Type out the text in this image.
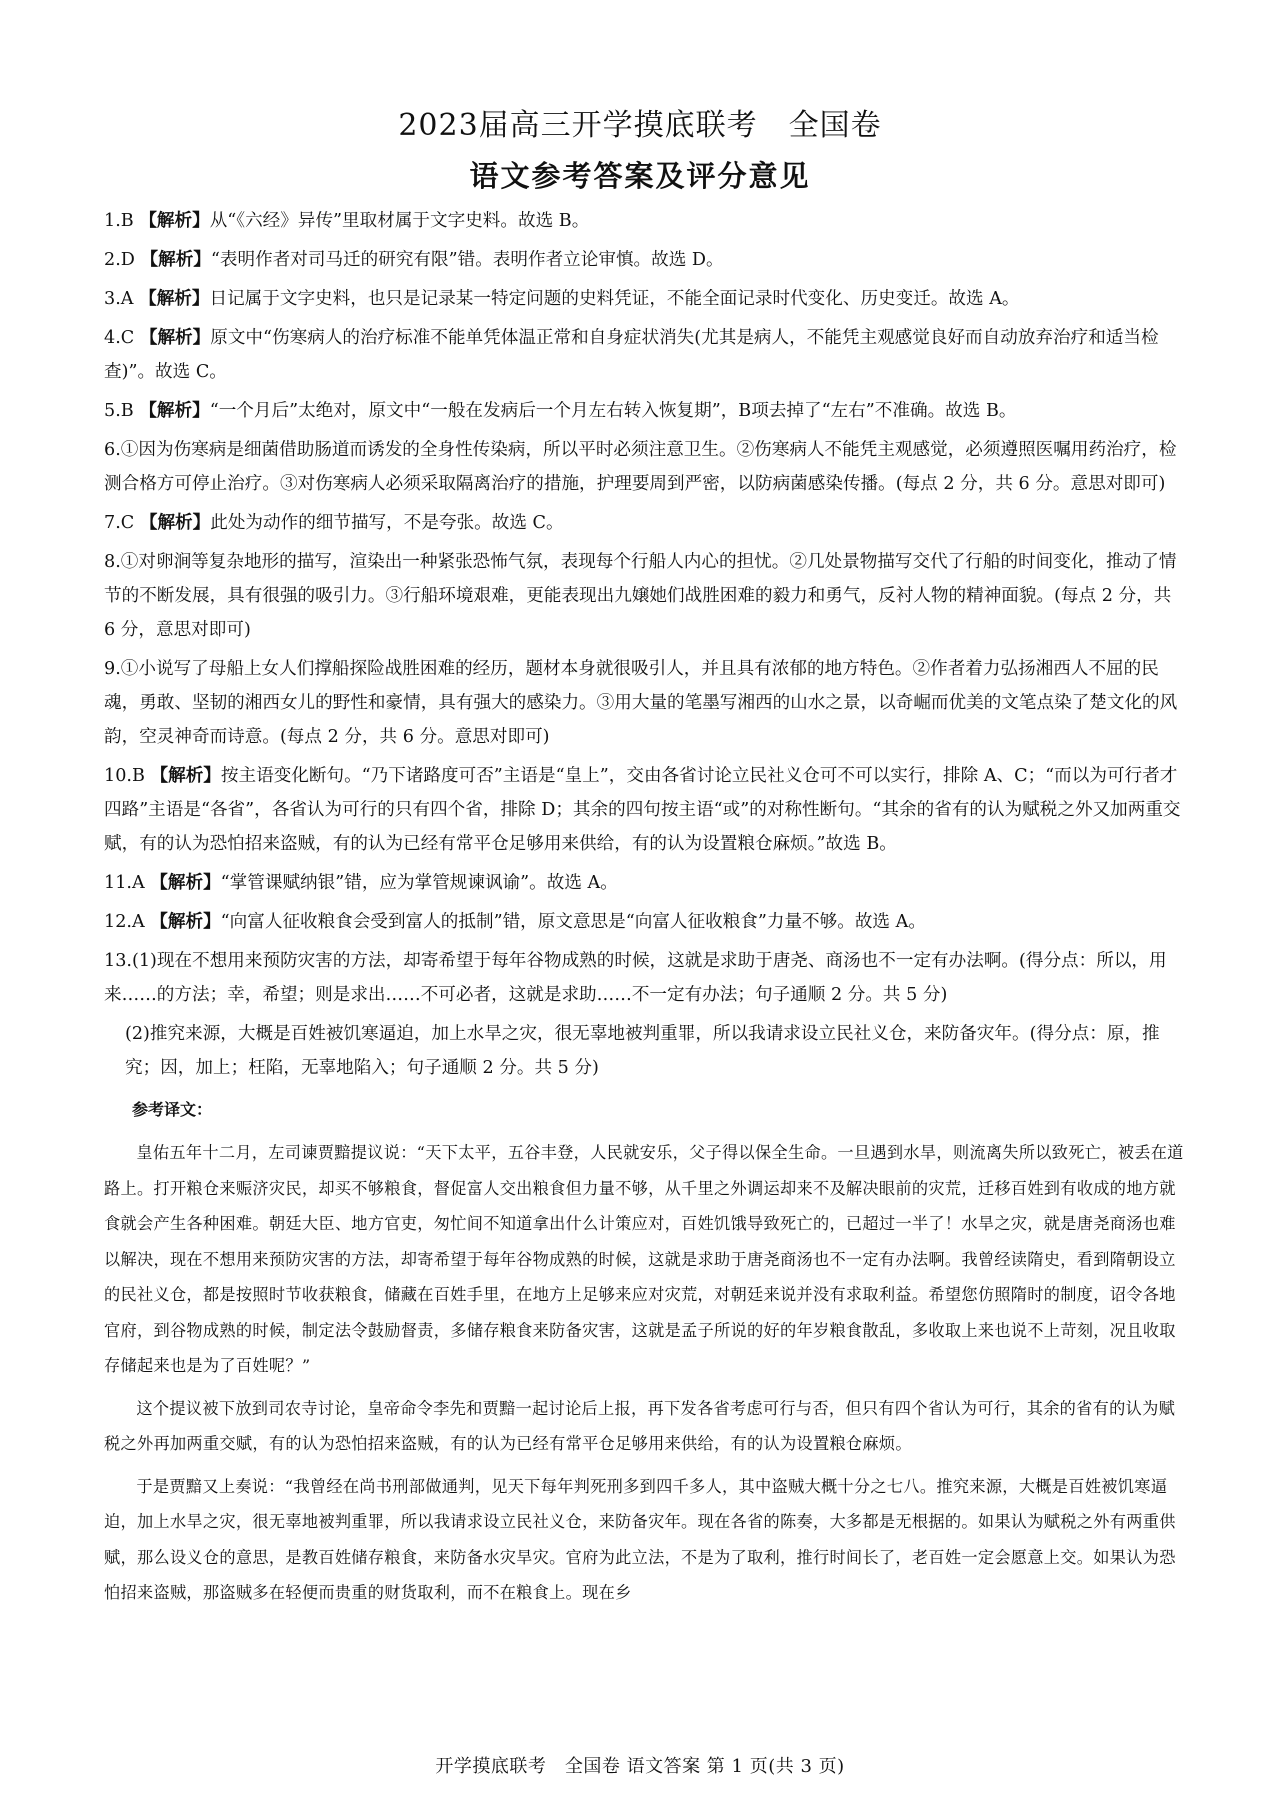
2023届高三开学摸底联考　全国卷
语文参考答案及评分意见
1.B 【解析】从“《六经》异传”里取材属于文字史料。故选 B。
2.D 【解析】“表明作者对司马迁的研究有限”错。表明作者立论审慎。故选 D。
3.A 【解析】日记属于文字史料，也只是记录某一特定问题的史料凭证，不能全面记录时代变化、历史变迁。故选 A。
4.C 【解析】原文中“伤寒病人的治疗标准不能单凭体温正常和自身症状消失(尤其是病人，不能凭主观感觉良好而自动放弃治疗和适当检查)”。故选 C。
5.B 【解析】“一个月后”太绝对，原文中“一般在发病后一个月左右转入恢复期”，B项去掉了“左右”不准确。故选 B。
6.①因为伤寒病是细菌借助肠道而诱发的全身性传染病，所以平时必须注意卫生。②伤寒病人不能凭主观感觉，必须遵照医嘱用药治疗，检测合格方可停止治疗。③对伤寒病人必须采取隔离治疗的措施，护理要周到严密，以防病菌感染传播。(每点 2 分，共 6 分。意思对即可)
7.C 【解析】此处为动作的细节描写，不是夸张。故选 C。
8.①对卵涧等复杂地形的描写，渲染出一种紧张恐怖气氛，表现每个行船人内心的担忧。②几处景物描写交代了行船的时间变化，推动了情节的不断发展，具有很强的吸引力。③行船环境艰难，更能表现出九嬢她们战胜困难的毅力和勇气，反衬人物的精神面貌。(每点 2 分，共 6 分，意思对即可)
9.①小说写了母船上女人们撑船探险战胜困难的经历，题材本身就很吸引人，并且具有浓郁的地方特色。②作者着力弘扬湘西人不屈的民魂，勇敢、坚韧的湘西女儿的野性和豪情，具有强大的感染力。③用大量的笔墨写湘西的山水之景，以奇崛而优美的文笔点染了楚文化的风韵，空灵神奇而诗意。(每点 2 分，共 6 分。意思对即可)
10.B 【解析】按主语变化断句。“乃下诸路度可否”主语是“皇上”，交由各省讨论立民社义仓可不可以实行，排除 A、C；“而以为可行者才四路”主语是“各省”，各省认为可行的只有四个省，排除 D；其余的四句按主语“或”的对称性断句。“其余的省有的认为赋税之外又加两重交赋，有的认为恐怕招来盗贼，有的认为已经有常平仓足够用来供给，有的认为设置粮仓麻烦。”故选 B。
11.A 【解析】“掌管课赋纳银”错，应为掌管规谏讽谕”。故选 A。
12.A 【解析】“向富人征收粮食会受到富人的抵制”错，原文意思是“向富人征收粮食”力量不够。故选 A。
13.(1)现在不想用来预防灾害的方法，却寄希望于每年谷物成熟的时候，这就是求助于唐尧、商汤也不一定有办法啊。(得分点：所以，用来……的方法；幸，希望；则是求出……不可必者，这就是求助……不一定有办法；句子通顺 2 分。共 5 分)
(2)推究来源，大概是百姓被饥寒逼迫，加上水旱之灾，很无辜地被判重罪，所以我请求设立民社义仓，来防备灾年。(得分点：原，推究；因，加上；枉陷，无辜地陷入；句子通顺 2 分。共 5 分)
参考译文：
皇佑五年十二月，左司谏贾黯提议说：“天下太平，五谷丰登，人民就安乐，父子得以保全生命。一旦遇到水旱，则流离失所以致死亡，被丢在道路上。打开粮仓来赈济灾民，却买不够粮食，督促富人交出粮食但力量不够，从千里之外调运却来不及解决眼前的灾荒，迁移百姓到有收成的地方就食就会产生各种困难。朝廷大臣、地方官吏，匆忙间不知道拿出什么计策应对，百姓饥饿导致死亡的，已超过一半了！水旱之灾，就是唐尧商汤也难以解决，现在不想用来预防灾害的方法，却寄希望于每年谷物成熟的时候，这就是求助于唐尧商汤也不一定有办法啊。我曾经读隋史，看到隋朝设立的民社义仓，都是按照时节收获粮食，储藏在百姓手里，在地方上足够来应对灾荒，对朝廷来说并没有求取利益。希望您仿照隋时的制度，诏令各地官府，到谷物成熟的时候，制定法令鼓励督责，多储存粮食来防备灾害，这就是孟子所说的好的年岁粮食散乱，多收取上来也说不上苛刻，况且收取存储起来也是为了百姓呢？”
这个提议被下放到司农寺讨论，皇帝命令李先和贾黯一起讨论后上报，再下发各省考虑可行与否，但只有四个省认为可行，其余的省有的认为赋税之外再加两重交赋，有的认为恐怕招来盗贼，有的认为已经有常平仓足够用来供给，有的认为设置粮仓麻烦。
于是贾黯又上奏说：“我曾经在尚书刑部做通判，见天下每年判死刑多到四千多人，其中盗贼大概十分之七八。推究来源，大概是百姓被饥寒逼迫，加上水旱之灾，很无辜地被判重罪，所以我请求设立民社义仓，来防备灾年。现在各省的陈奏，大多都是无根据的。如果认为赋税之外有两重供赋，那么设义仓的意思，是教百姓储存粮食，来防备水灾旱灾。官府为此立法，不是为了取利，推行时间长了，老百姓一定会愿意上交。如果认为恐怕招来盗贼，那盗贼多在轻便而贵重的财货取利，而不在粮食上。现在乡
开学摸底联考　全国卷 语文答案 第 1 页(共 3 页)
